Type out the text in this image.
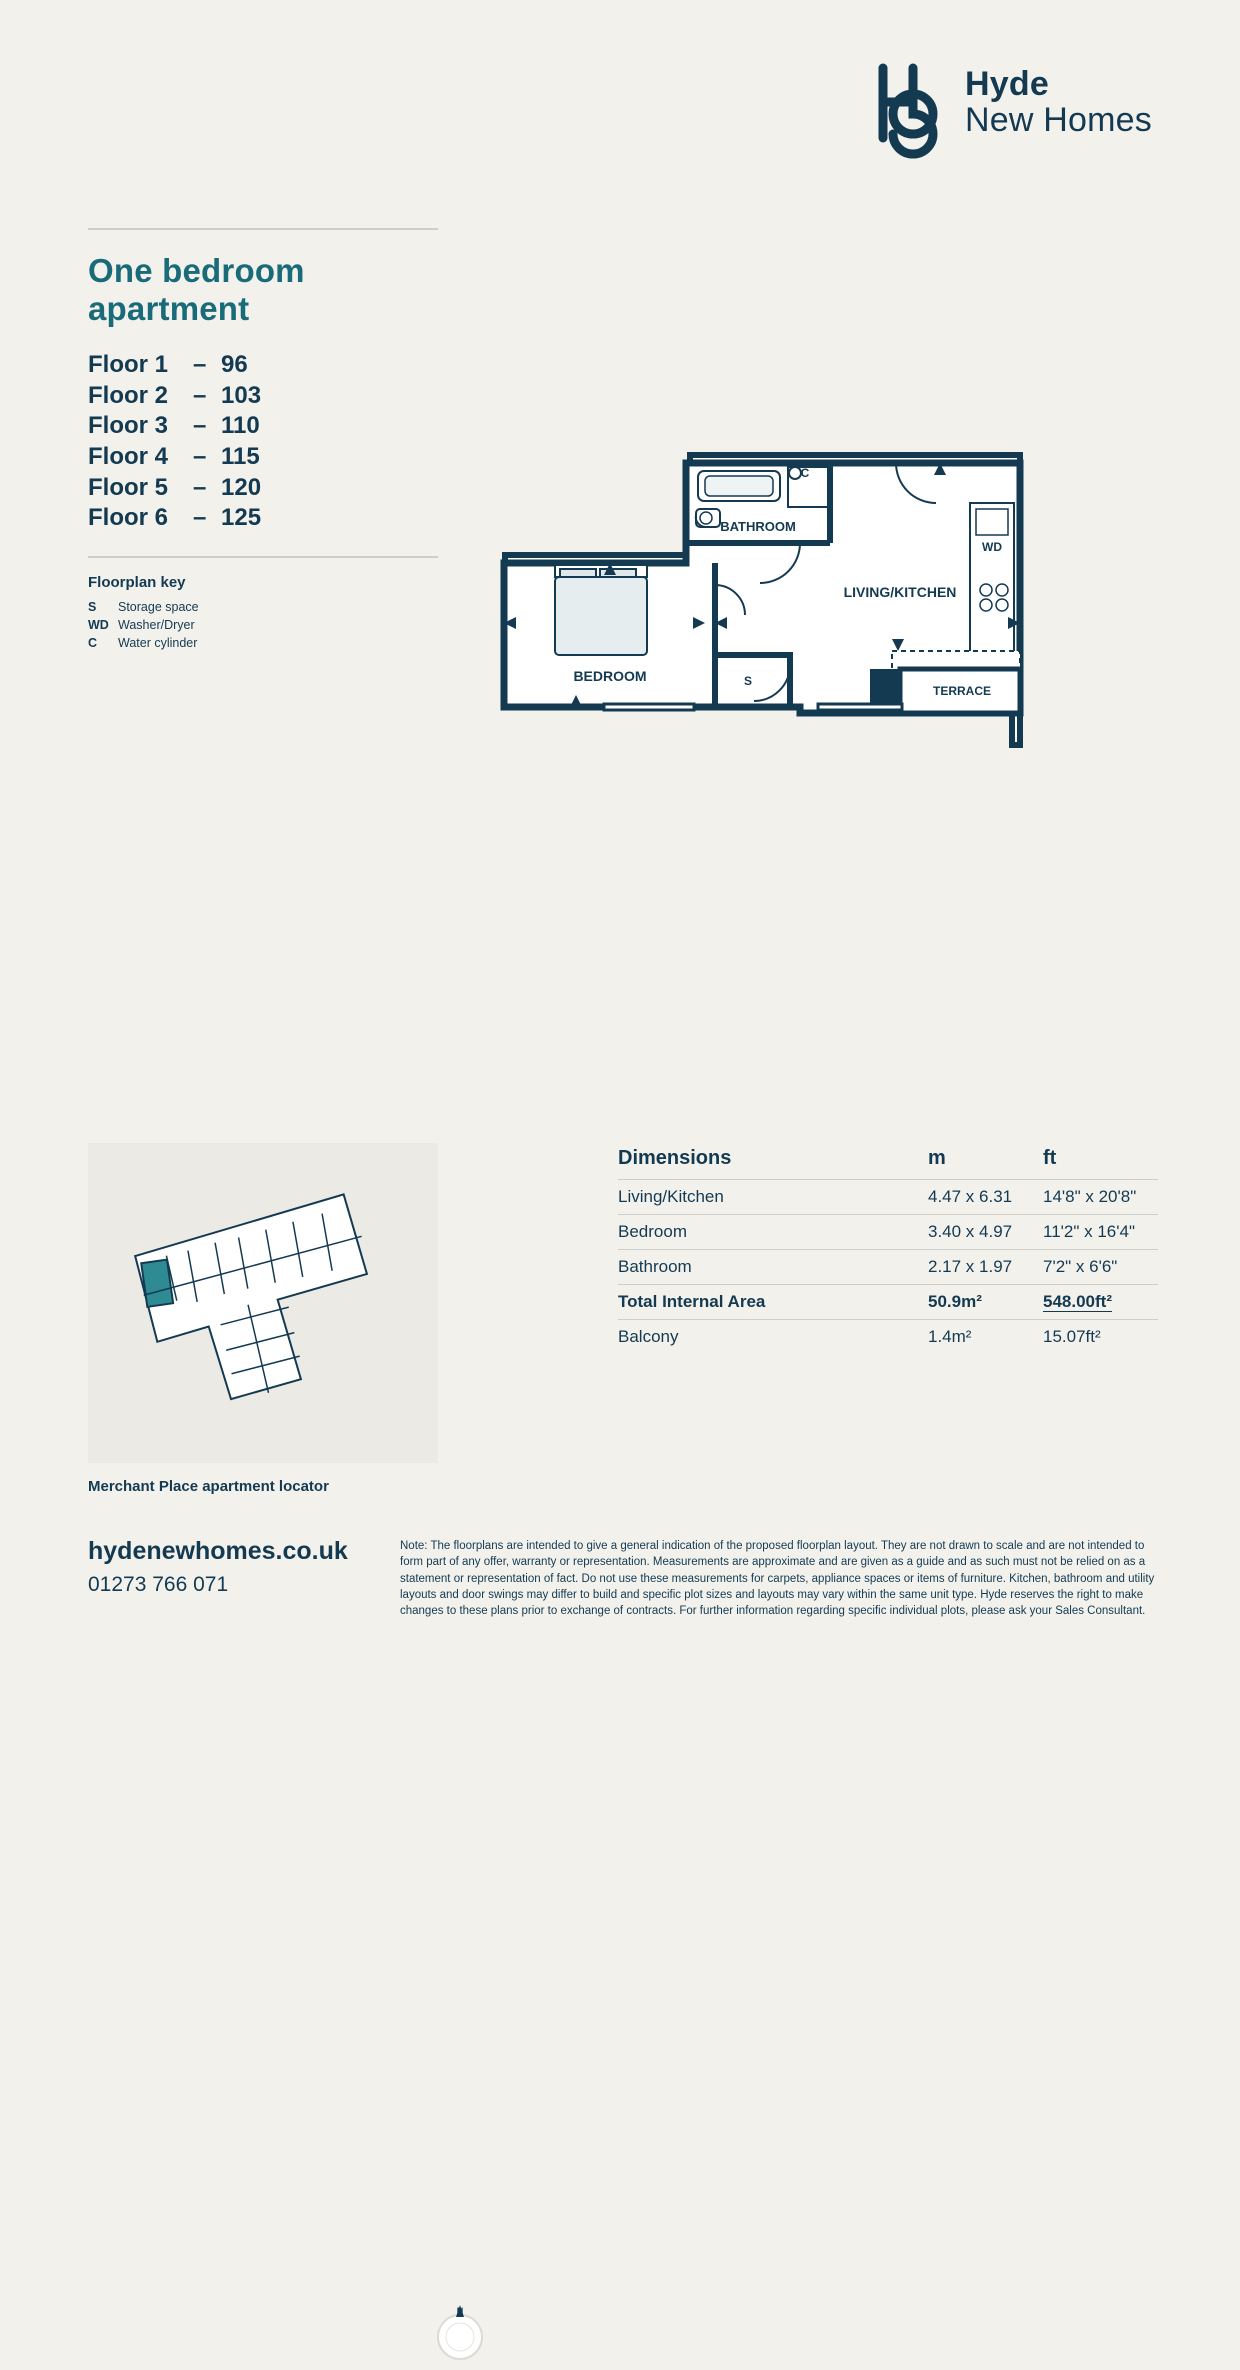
Hyde
New Homes
One bedroom apartment
Floor 1	– 96
Floor 2	– 103
Floor 3	– 110
Floor 4	– 115
Floor 5	– 120
Floor 6	– 125
Floorplan key
S	Storage space
WD Washer/Dryer
C	Water cylinder
BATHROOM
LIVING/KITCHEN
BEDROOM
TERRACE
S
C
WD
N
Merchant Place apartment locator
Dimensions	m	ft
Living/Kitchen	4.47 x 6.31	14'8" x 20'8"
Bedroom	3.40 x 4.97	11'2" x 16'4"
Bathroom	2.17 x 1.97	7'2" x 6'6"
Total Internal Area	50.9m²	548.00ft²
Balcony	1.4m²	15.07ft²
hydenewhomes.co.uk
01273 766 071
Note: The floorplans are intended to give a general indication of the proposed floorplan layout. They are not drawn to scale and are not intended to form part of any offer, warranty or representation. Measurements are approximate and are given as a guide and as such must not be relied on as a statement or representation of fact. Do not use these measurements for carpets, appliance spaces or items of furniture. Kitchen, bathroom and utility layouts and door swings may differ to build and specific plot sizes and layouts may vary within the same unit type. Hyde reserves the right to make changes to these plans prior to exchange of contracts. For further information regarding specific individual plots, please ask your Sales Consultant.
